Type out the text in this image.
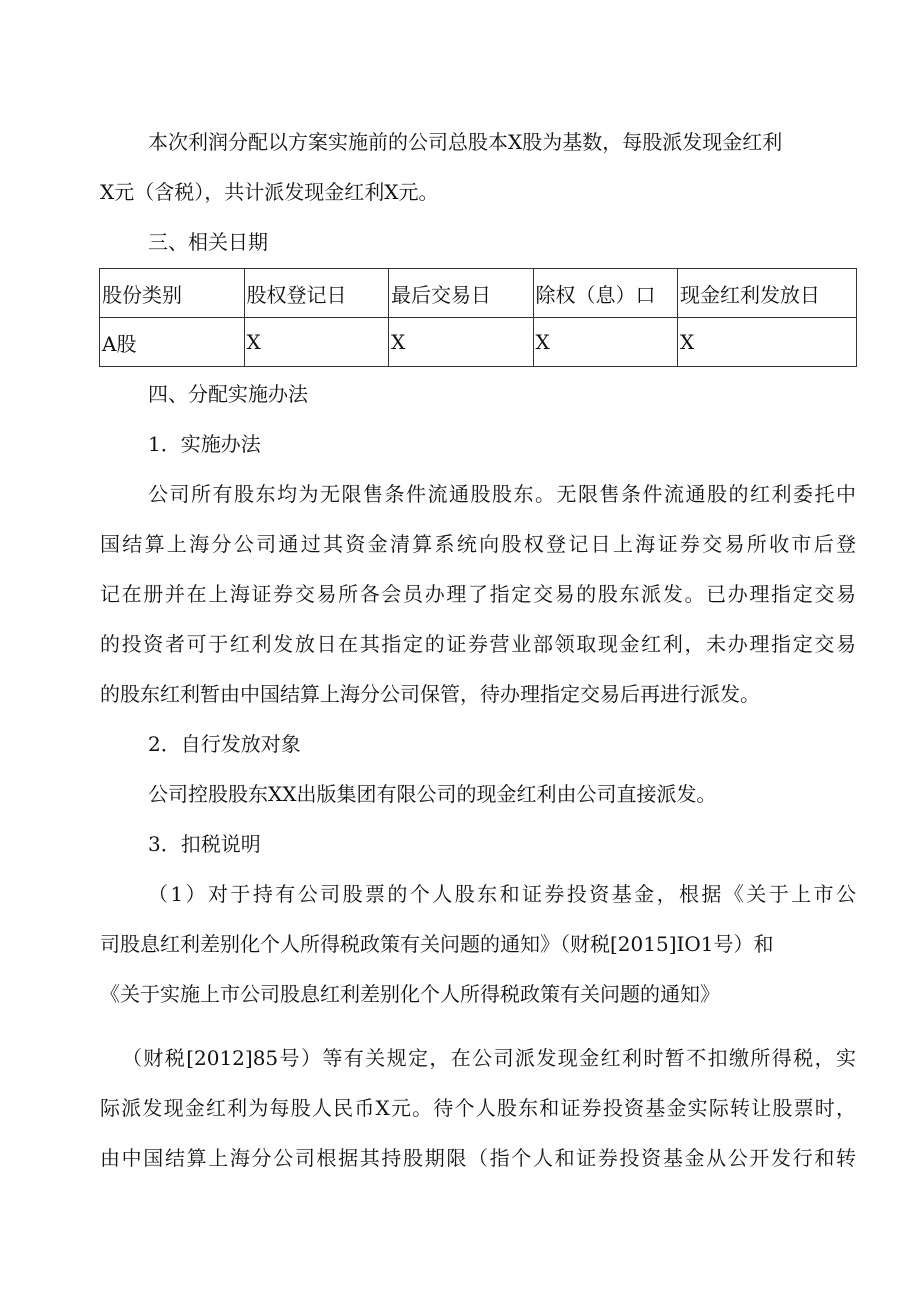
本次利润分配以方案实施前的公司总股本X股为基数，每股派发现金红利
X元（含税），共计派发现金红利X元。
三、相关日期
股份类别	股权登记日	最后交易日	除权（息）口	现金红利发放日
A股	X	X	X	X
四、分配实施办法
1．实施办法
公司所有股东均为无限售条件流通股股东。无限售条件流通股的红利委托中
国结算上海分公司通过其资金清算系统向股权登记日上海证券交易所收市后登
记在册并在上海证券交易所各会员办理了指定交易的股东派发。已办理指定交易
的投资者可于红利发放日在其指定的证券营业部领取现金红利，未办理指定交易
的股东红利暂由中国结算上海分公司保管，待办理指定交易后再进行派发。
2．自行发放对象
公司控股股东XX出版集团有限公司的现金红利由公司直接派发。
3．扣税说明
（1）对于持有公司股票的个人股东和证券投资基金，根据《关于上市公
司股息红利差别化个人所得税政策有关问题的通知》（财税[2015]IO1号）和
《关于实施上市公司股息红利差别化个人所得税政策有关问题的通知》
（财税[2012]85号）等有关规定，在公司派发现金红利时暂不扣缴所得税，实
际派发现金红利为每股人民币X元。待个人股东和证券投资基金实际转让股票时，
由中国结算上海分公司根据其持股期限（指个人和证券投资基金从公开发行和转
